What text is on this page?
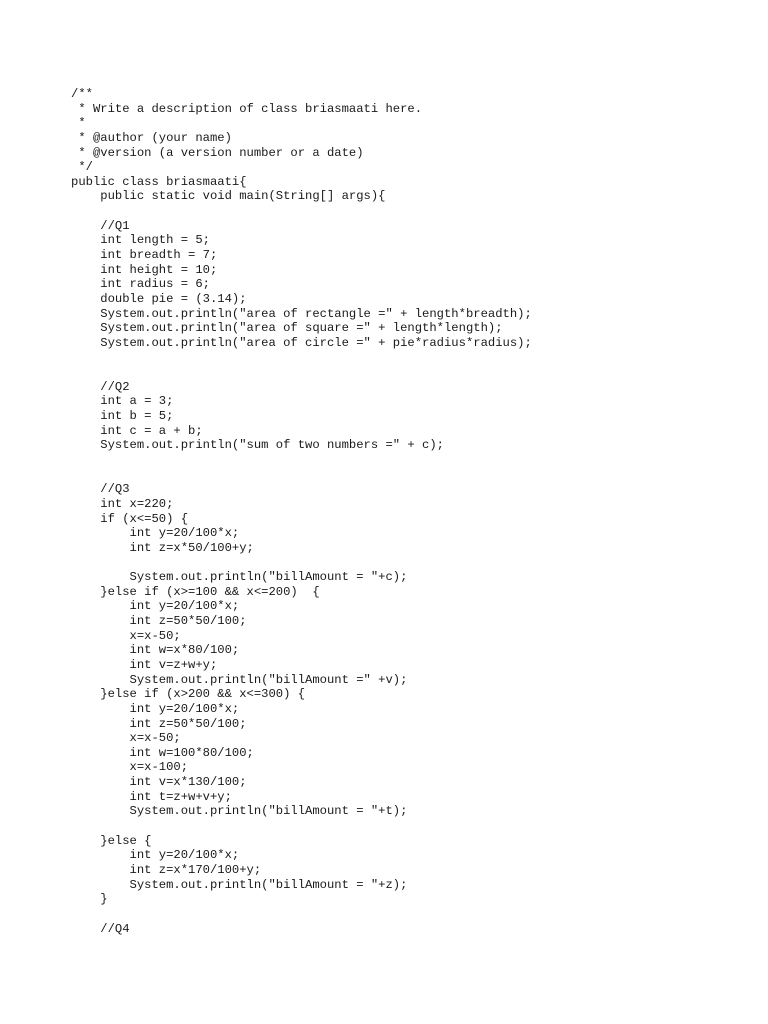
/**
* Write a description of class briasmaati here.
*
* @author (your name)
* @version (a version number or a date)
*/
public class briasmaati{
public static void main(String[] args){
//Q1
int length = 5;
int breadth = 7;
int height = 10;
int radius = 6;
double pie = (3.14);
System.out.println("area of rectangle =" + length*breadth);
System.out.println("area of square =" + length*length);
System.out.println("area of circle =" + pie*radius*radius);
//Q2
int a = 3;
int b = 5;
int c = a + b;
System.out.println("sum of two numbers =" + c);
//Q3
int x=220;
if (x<=50) {
int y=20/100*x;
int z=x*50/100+y;
System.out.println("billAmount = "+c);
}else if (x>=100 && x<=200)  {
int y=20/100*x;
int z=50*50/100;
x=x-50;
int w=x*80/100;
int v=z+w+y;
System.out.println("billAmount =" +v);
}else if (x>200 && x<=300) {
int y=20/100*x;
int z=50*50/100;
x=x-50;
int w=100*80/100;
x=x-100;
int v=x*130/100;
int t=z+w+v+y;
System.out.println("billAmount = "+t);
}else {
int y=20/100*x;
int z=x*170/100+y;
System.out.println("billAmount = "+z);
}
//Q4
